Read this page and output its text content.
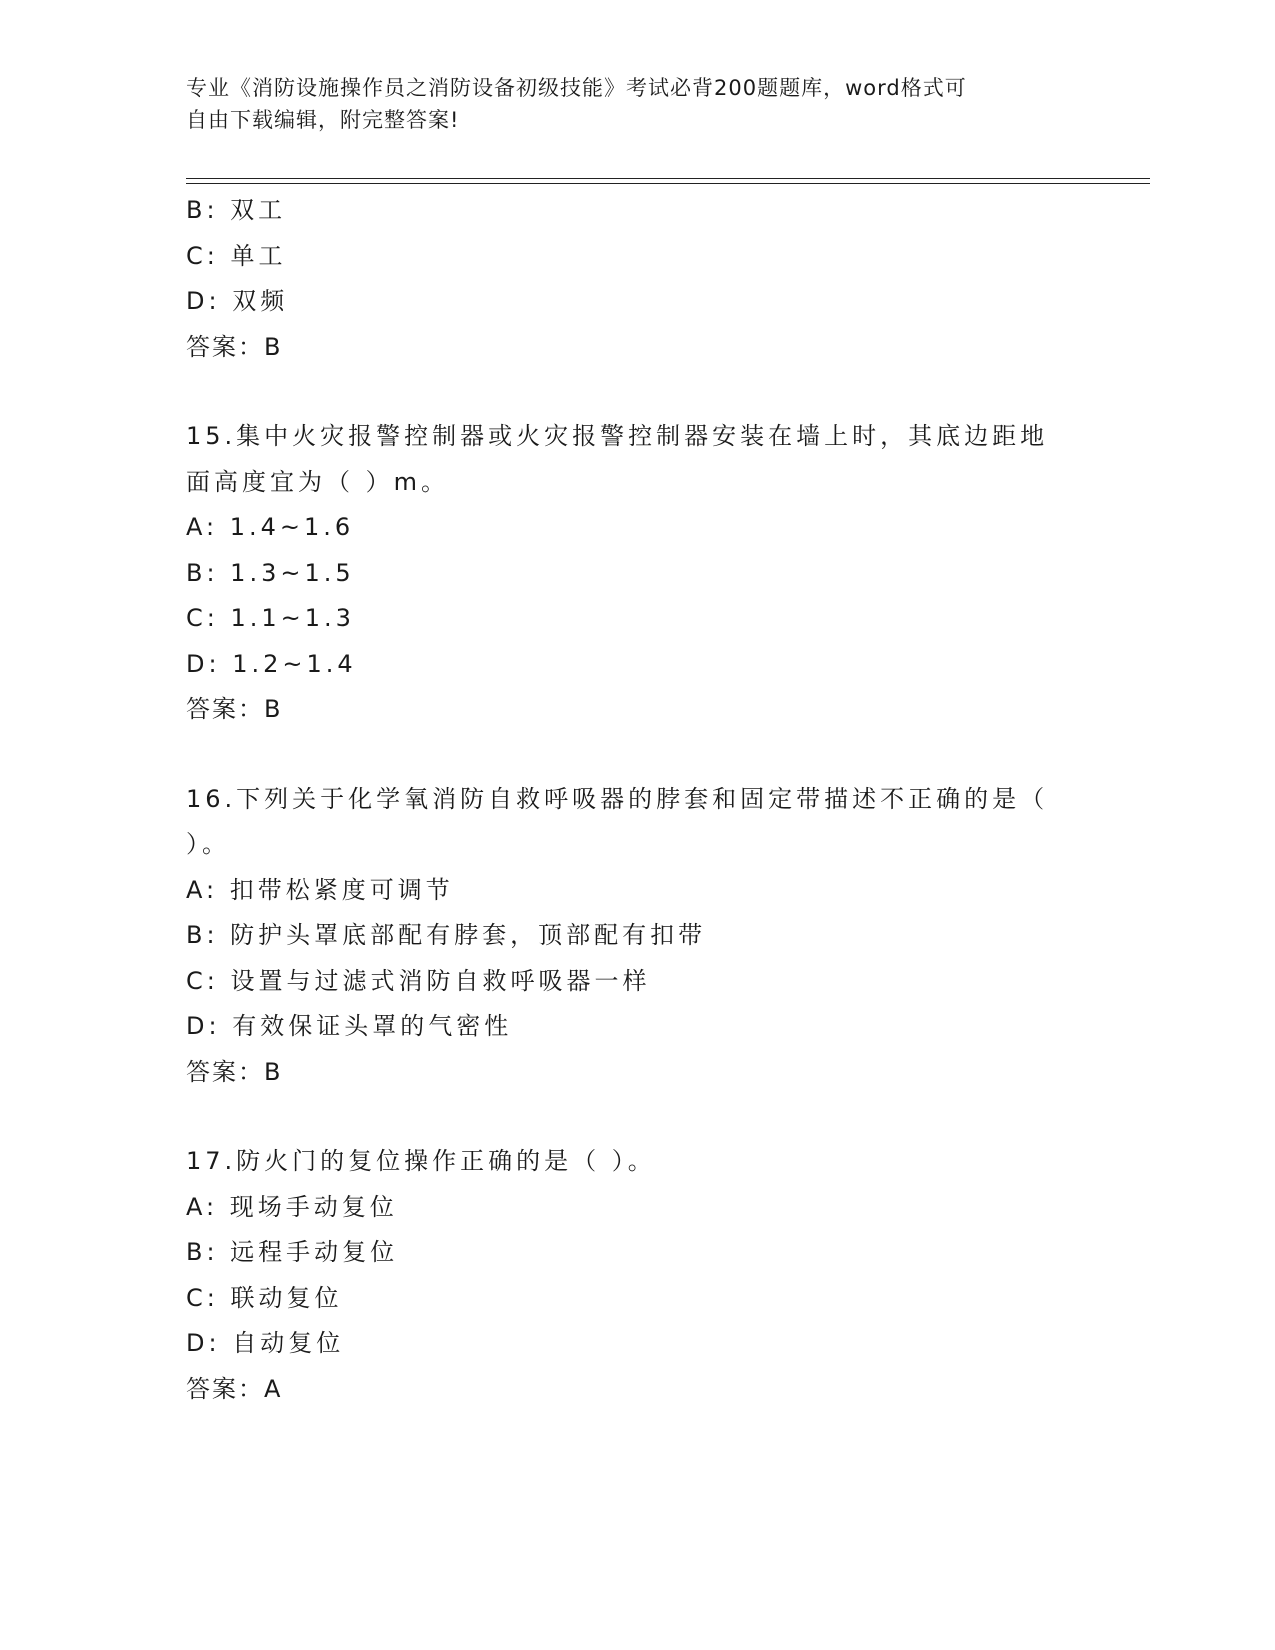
专业《消防设施操作员之消防设备初级技能》考试必背200题题库，word格式可
自由下载编辑，附完整答案!
B: 双工
C: 单工
D: 双频
答案：B
15.集中火灾报警控制器或火灾报警控制器安装在墙上时，其底边距地
面高度宜为（ ）m。
A: 1.4~1.6
B: 1.3~1.5
C: 1.1~1.3
D: 1.2~1.4
答案：B
16.下列关于化学氧消防自救呼吸器的脖套和固定带描述不正确的是（
）。
A: 扣带松紧度可调节
B: 防护头罩底部配有脖套，顶部配有扣带
C: 设置与过滤式消防自救呼吸器一样
D: 有效保证头罩的气密性
答案：B
17.防火门的复位操作正确的是（ ）。
A: 现场手动复位
B: 远程手动复位
C: 联动复位
D: 自动复位
答案：A
